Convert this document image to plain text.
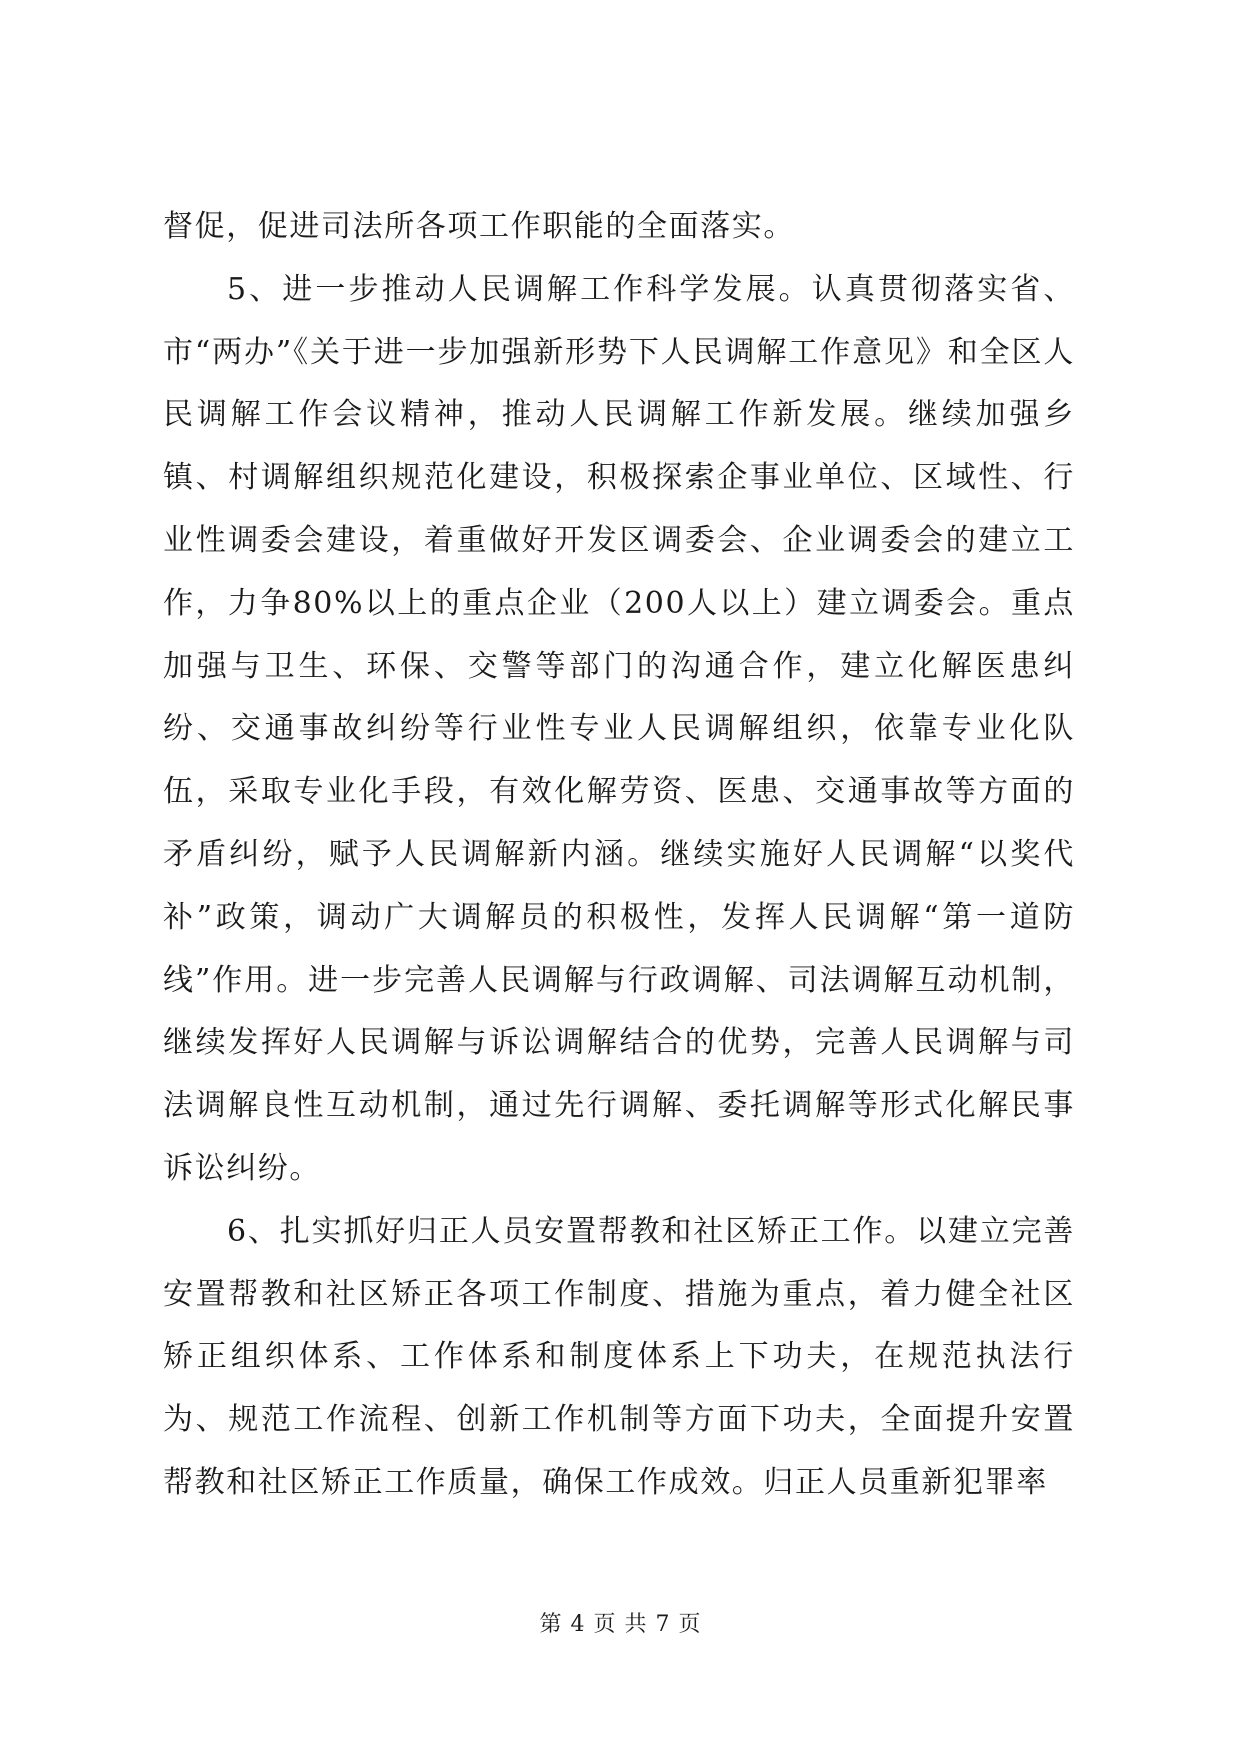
督促，促进司法所各项工作职能的全面落实。

5、进一步推动人民调解工作科学发展。认真贯彻落实省、市“两办”《关于进一步加强新形势下人民调解工作意见》和全区人民调解工作会议精神，推动人民调解工作新发展。继续加强乡镇、村调解组织规范化建设，积极探索企事业单位、区域性、行业性调委会建设，着重做好开发区调委会、企业调委会的建立工作，力争80%以上的重点企业（200人以上）建立调委会。重点加强与卫生、环保、交警等部门的沟通合作，建立化解医患纠纷、交通事故纠纷等行业性专业人民调解组织，依靠专业化队伍，采取专业化手段，有效化解劳资、医患、交通事故等方面的矛盾纠纷，赋予人民调解新内涵。继续实施好人民调解“以奖代补”政策，调动广大调解员的积极性，发挥人民调解“第一道防线”作用。进一步完善人民调解与行政调解、司法调解互动机制，继续发挥好人民调解与诉讼调解结合的优势，完善人民调解与司法调解良性互动机制，通过先行调解、委托调解等形式化解民事诉讼纠纷。

6、扎实抓好归正人员安置帮教和社区矫正工作。以建立完善安置帮教和社区矫正各项工作制度、措施为重点，着力健全社区矫正组织体系、工作体系和制度体系上下功夫，在规范执法行为、规范工作流程、创新工作机制等方面下功夫，全面提升安置帮教和社区矫正工作质量，确保工作成效。归正人员重新犯罪率

第 4 页 共 7 页
